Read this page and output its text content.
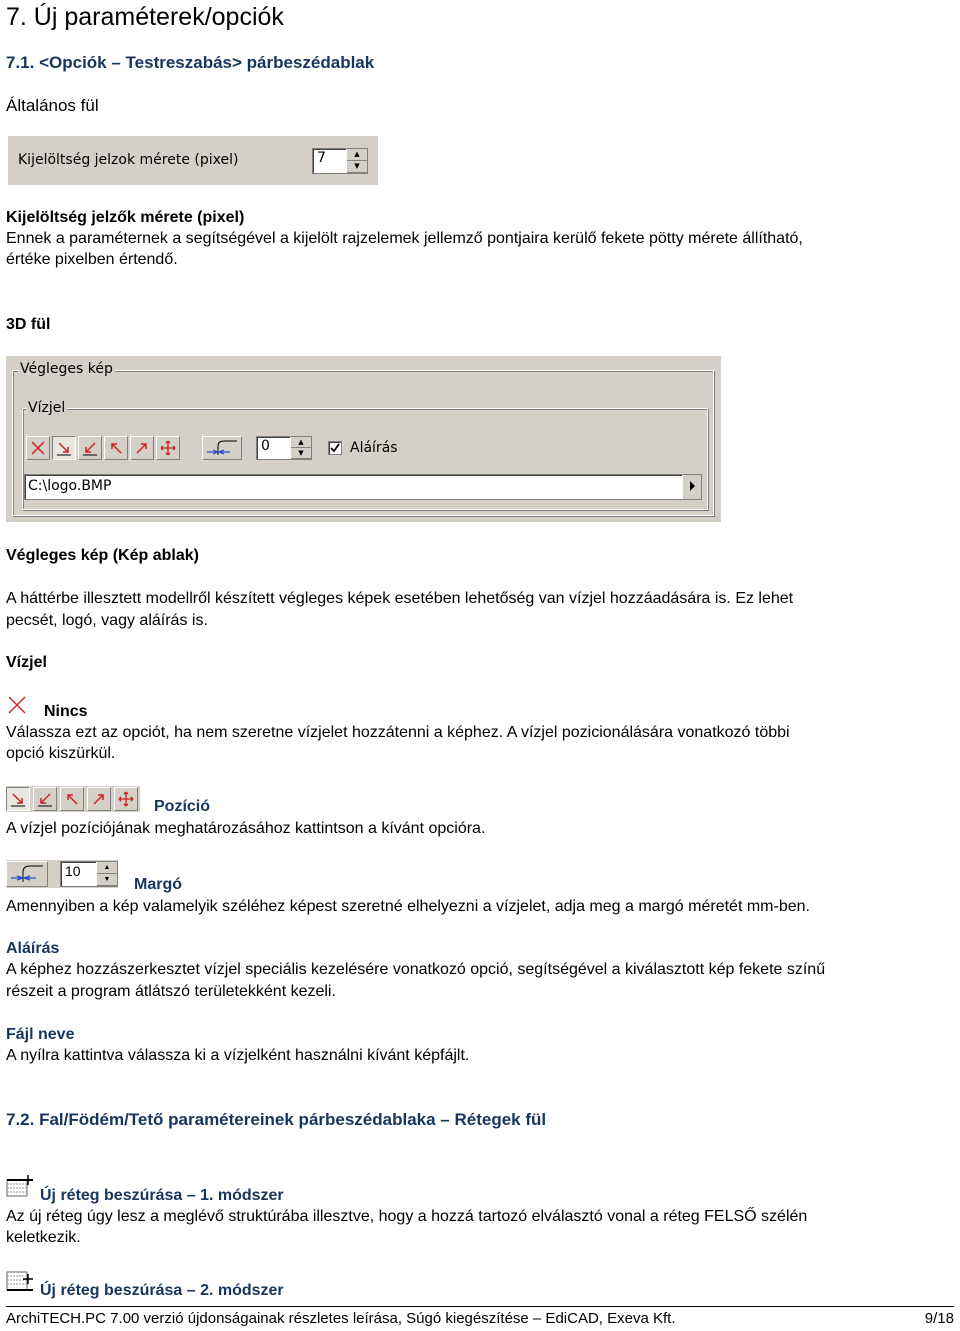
7. Új paraméterek/opciók
7.1. <Opciók – Testreszabás> párbeszédablak
Általános fül
Kijelöltség jelzok mérete (pixel)	7	▲
▼
Kijelöltség jelzők mérete (pixel)
Ennek a paraméternek a segítségével a kijelölt rajzelemek jellemző pontjaira kerülő fekete pötty mérete állítható,
értéke pixelben értendő.
3D fül
Végleges kép
Vízjel
0	▲
▼	Aláírás
C:\logo.BMP
Végleges kép (Kép ablak)
A háttérbe illesztett modellről készített végleges képek esetében lehetőség van vízjel hozzáadására is. Ez lehet
pecsét, logó, vagy aláírás is.
Vízjel
Nincs
Válassza ezt az opciót, ha nem szeretne vízjelet hozzátenni a képhez. A vízjel pozicionálására vonatkozó többi
opció kiszürkül.
Pozíció
A vízjel pozíciójának meghatározásához kattintson a kívánt opcióra.
10	▲
▼	Margó
Amennyiben a kép valamelyik széléhez képest szeretné elhelyezni a vízjelet, adja meg a margó méretét mm-ben.
Aláírás
A képhez hozzászerkesztet vízjel speciális kezelésére vonatkozó opció, segítségével a kiválasztott kép fekete színű
részeit a program átlátszó területekként kezeli.
Fájl neve
A nyílra kattintva válassza ki a vízjelként használni kívánt képfájlt.
7.2. Fal/Födém/Tető paramétereinek párbeszédablaka – Rétegek fül
Új réteg beszúrása – 1. módszer
Az új réteg úgy lesz a meglévő struktúrába illesztve, hogy a hozzá tartozó elválasztó vonal a réteg FELSŐ szélén
keletkezik.
Új réteg beszúrása – 2. módszer
ArchiTECH.PC 7.00 verzió újdonságainak részletes leírása, Súgó kiegészítése – EdiCAD, Exeva Kft.	9/18
